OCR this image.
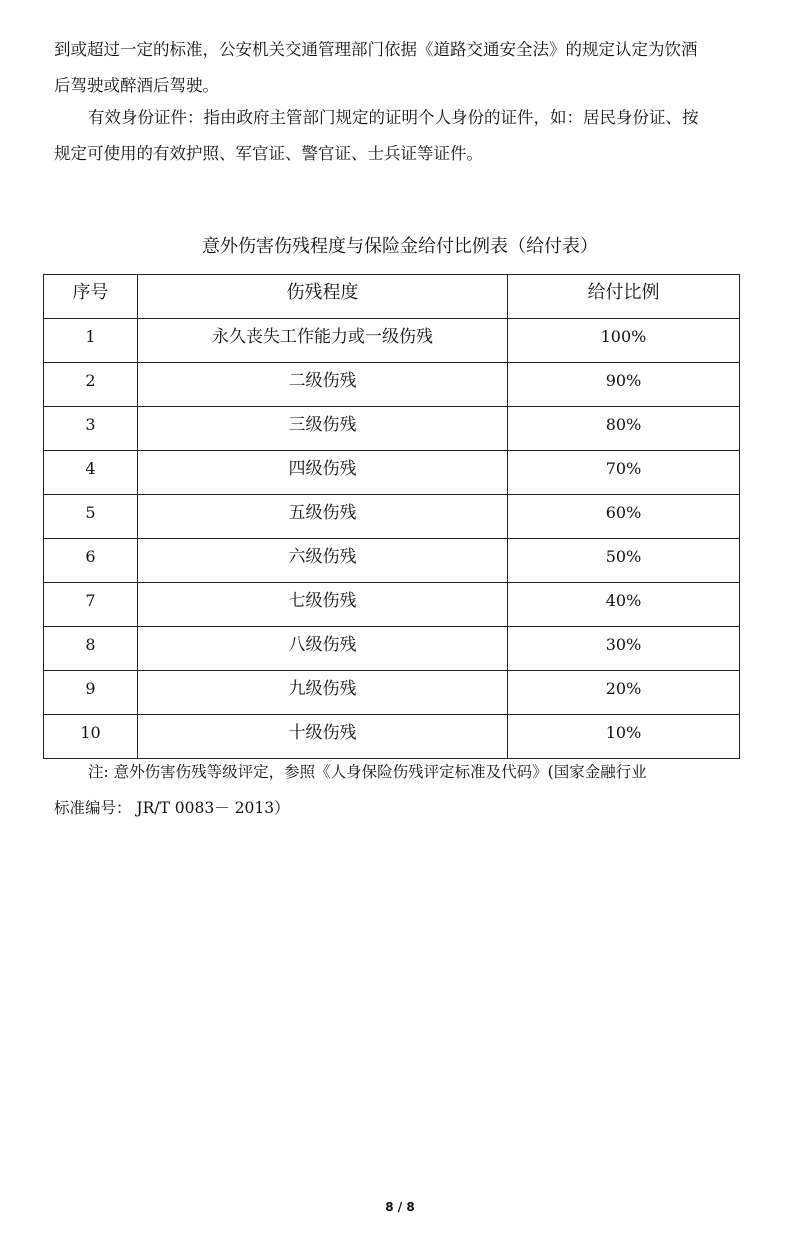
到或超过一定的标准，公安机关交通管理部门依据《道路交通安全法》的规定认定为饮酒
后驾驶或醉酒后驾驶。

有效身份证件：指由政府主管部门规定的证明个人身份的证件，如：居民身份证、按
规定可使用的有效护照、军官证、警官证、士兵证等证件。

意外伤害伤残程度与保险金给付比例表（给付表）
序号	伤残程度	给付比例
1	永久丧失工作能力或一级伤残	100%
2	二级伤残	90%
3	三级伤残	80%
4	四级伤残	70%
5	五级伤残	60%
6	六级伤残	50%
7	七级伤残	40%
8	八级伤残	30%
9	九级伤残	20%
10	十级伤残	10%
注: 意外伤害伤残等级评定，参照《人身保险伤残评定标准及代码》(国家金融行业
标准编号： JR/T 0083－ 2013）
8 / 8
